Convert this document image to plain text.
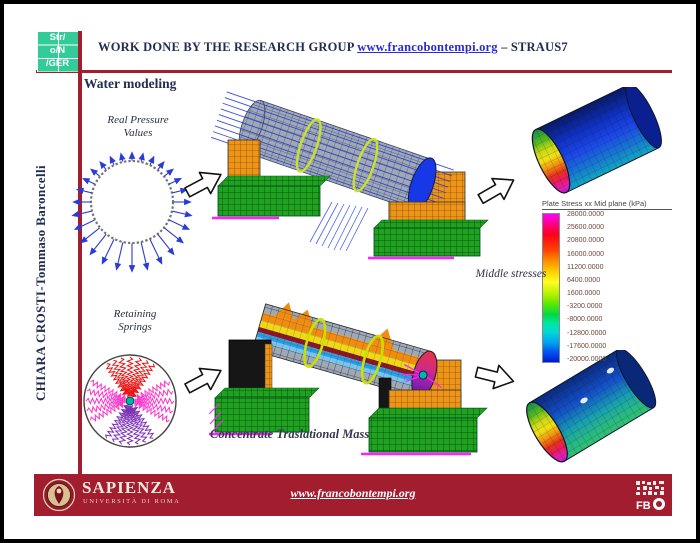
Str/
o/N
/GER
WORK DONE BY THE RESEARCH GROUP www.francobontempi.org – STRAUS7
CHIARA CROSTI-Tommaso Baroncelli
Water modeling
Real Pressure
Values
Retaining
Springs
Middle stresses
Concentrate Traslational Mass
Plate Stress xx Mid plane (kPa)
28000.0000
25600.0000
20800.0000
16000.0000
11200.0000
6400.0000
1600.0000
-3200.0000
-8000.0000
-12800.0000
-17600.0000
-20000.0000
SAPIENZA
UNIVERSITÀ DI ROMA
www.francobontempi.org
FB
